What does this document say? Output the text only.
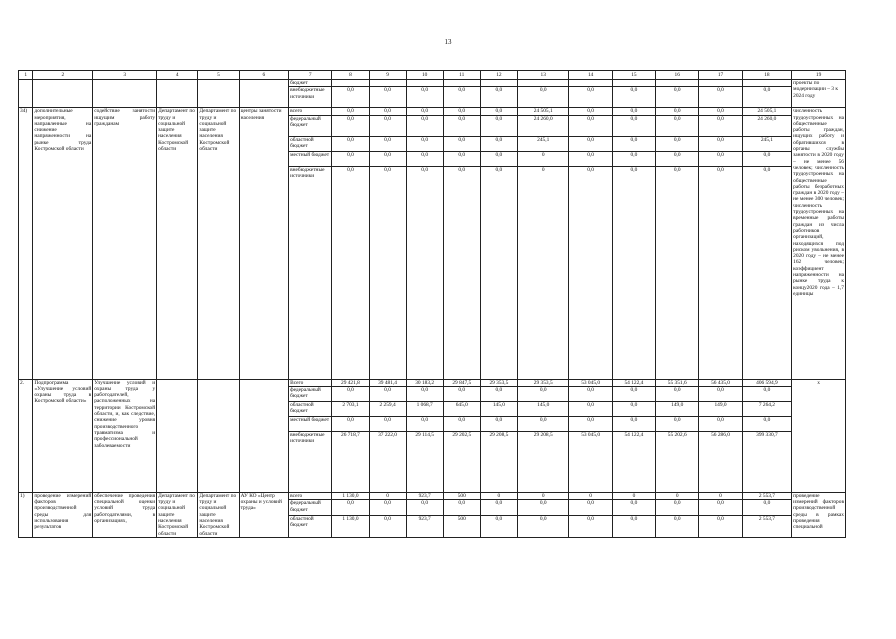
13
1	2	3	4	5	6	7	8	9	10	11	12	13	14	15	16	17	18	19
						бюджет												проекты по модернизации – 3 к 2024 году
						внебюджетные источники	0,0	0,0	0,0	0,0	0,0	0,0	0,0	0,0	0,0	0,0	0,0	
34)	дополнительные мероприятия, направленные на снижение напряженности на рынке труда Костромской области	содействие занятости ищущим работу гражданам	Департамент по труду и социальной защите населения Костромской области	Департамент по труду и социальной защите населения Костромской области	центры занятости населения	всего	0,0	0,0	0,0	0,0	0,0	24 505,1	0,0	0,0	0,0	0,0	24 505,1	численность трудоустроенных на общественные работы граждан, ищущих работу и обратившихся в органы службы занятости в 2020 году – не менее 56 человек; численность трудоустроенных на общественные работы безработных граждан в 2020 году – не менее 300 человек; численность трудоустроенных на временные работы граждан из числа работников организаций, находящихся под риском увольнения, в 2020 году – не менее 162 человек; коэффициент напряженности на рынке труда к концу2020 года – 1,7 единицы
						федеральный бюджет	0,0	0,0	0,0	0,0	0,0	24 260,0	0,0	0,0	0,0	0,0	24 260,0	
						областной бюджет	0,0	0,0	0,0	0,0	0,0	245,1	0,0	0,0	0,0	0,0	245,1	
						местный бюджет	0,0	0,0	0,0	0,0	0,0	0	0,0	0,0	0,0	0,0	0,0	
						внебюджетные источники	0,0	0,0	0,0	0,0	0,0	0	0,0	0,0	0,0	0,0	0,0	
2.	Подпрограмма «Улучшение условий охраны труда в Костромской области»	Улучшение условий и охраны труда у работодателей, расположенных на территории Костромской области, и, как следствие, снижение уровня производственного травматизма и профессиональной заболеваемости				Всего	29 421,8	39 481,4	30 183,2	29 847,5	29 353,5	29 353,5	53 045,0	54 122,4	55 351,6	56 435,0	406 594,9	x
						федеральный бюджет	0,0	0,0	0,0	0,0	0,0	0,0	0,0	0,0	0,0	0,0	0,0	
						областной бюджет	2 703,1	2 259,4	1 068,7	645,0	145,0	145,0	0,0	0,0	149,0	149,0	7 264,2	
						местный бюджет	0,0	0,0	0,0	0,0	0,0	0,0	0,0	0,0	0,0	0,0	0,0	
						внебюджетные источники	26 718,7	37 222,0	29 114,5	29 202,5	29 208,5	29 208,5	53 045,0	54 122,4	55 202,6	56 286,0	399 330,7	
1)	проведение измерений факторов производственной среды для использования результатов	обеспечение проведения специальной оценки условий труда работодателями, в организациях,	Департамент по труду и социальной защите населения Костромской области	Департамент по труду и социальной защите населения Костромской области	АУ КО «Центр охраны и условий труда»	всего	1 130,0	0	923,7	500	0	0	0	0	0	0	2 553,7	проведение измерений факторов производственной среды в рамках проведения специальной
						федеральный бюджет	0,0	0,0	0,0	0,0	0,0	0,0	0,0	0,0	0,0	0,0	0,0	
						областной бюджет	1 130,0	0,0	923,7	500	0,0	0,0	0,0	0,0	0,0	0,0	2 553,7	
